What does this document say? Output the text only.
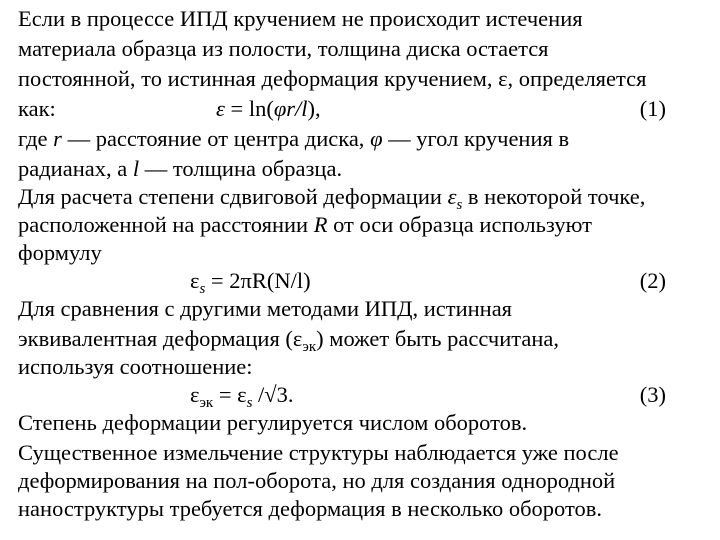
Если в процессе ИПД кручением не происходит истечения
материала образца из полости, толщина диска остается
постоянной, то истинная деформация кручением, ε, определяется
как:	ε = ln(φr/l),	(1)
где r — расстояние от центра диска, φ — угол кручения в
радианах, а l — толщина образца.
Для расчета степени сдвиговой деформации $\varepsilon_s$ в некоторой точке,
расположенной на расстоянии R от оси образца используют
формулу
$\varepsilon_s = 2\pi R(N/l)$	(2)
Для сравнения с другими методами ИПД, истинная
эквивалентная деформация $(\varepsilon_{эк})$ может быть рассчитана,
используя соотношение:
$\varepsilon_{эк} = \varepsilon_s$ /√3.	(3)
Степень деформации регулируется числом оборотов.
Существенное измельчение структуры наблюдается уже после
деформирования на пол-оборота, но для создания однородной
наноструктуры требуется деформация в несколько оборотов.
